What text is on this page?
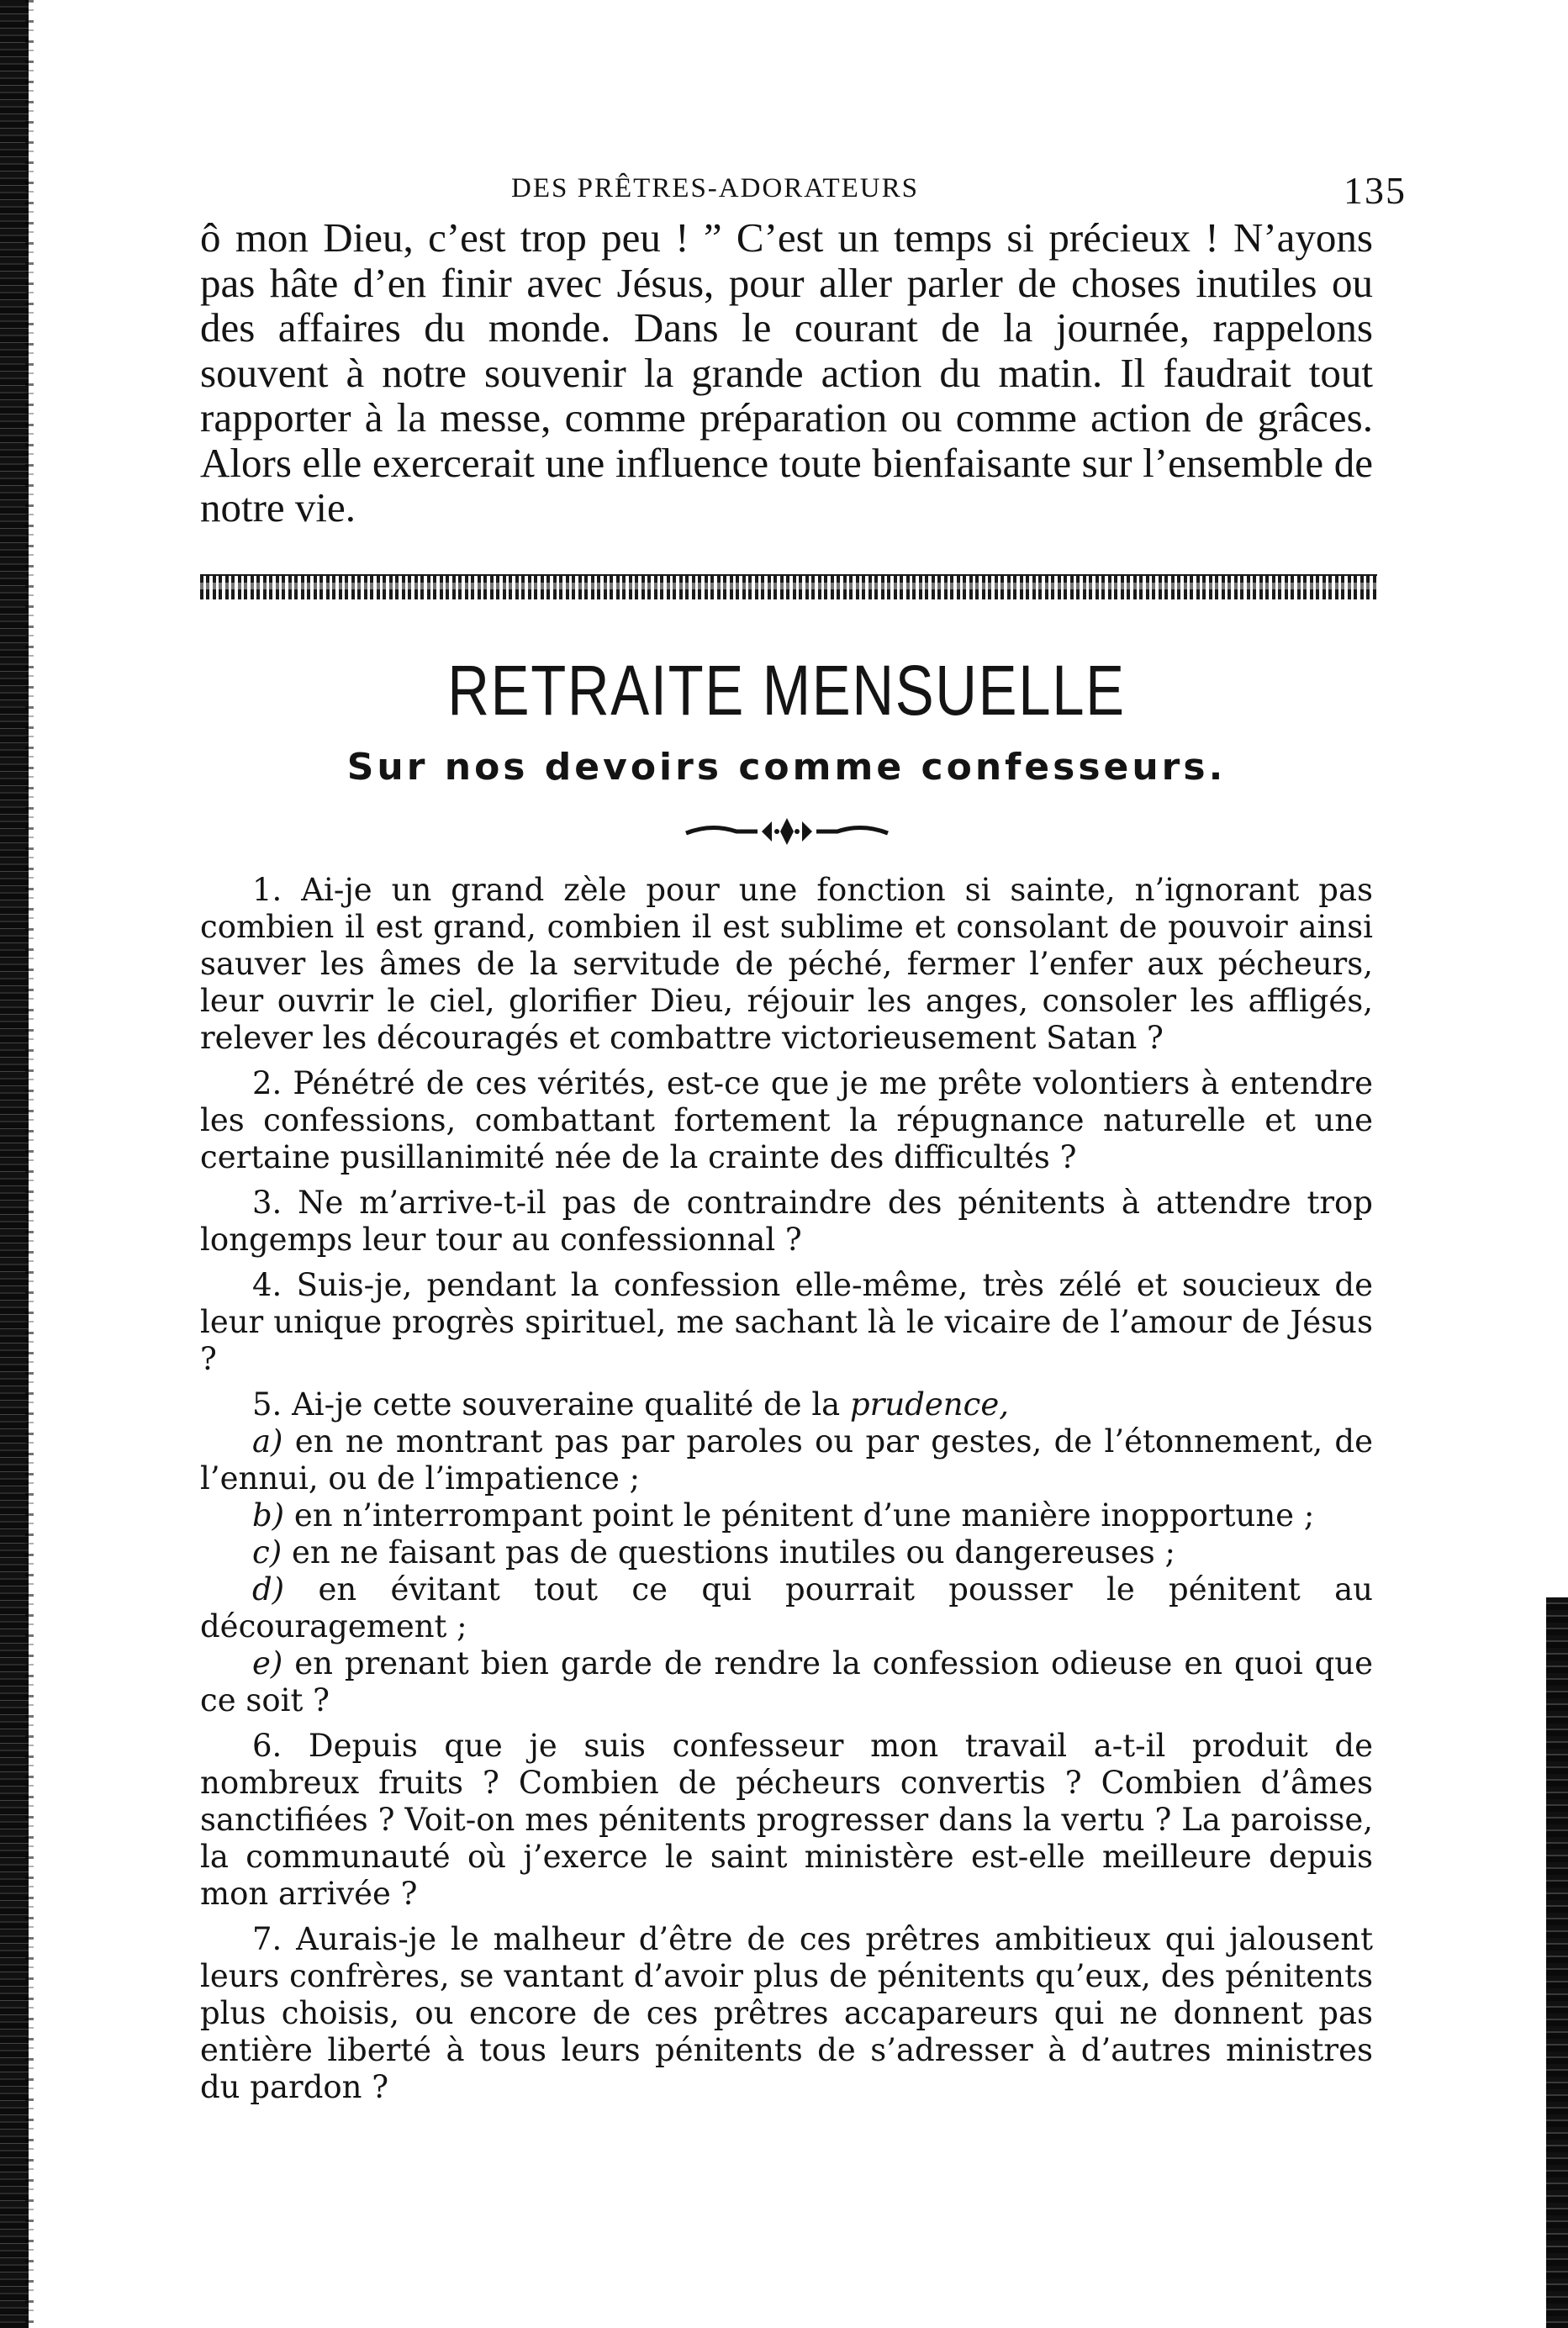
DES PRÊTRES-ADORATEURS	135

ô mon Dieu, c’est trop peu ! ” C’est un temps si précieux ! N’ayons pas hâte d’en finir avec Jésus, pour aller parler de choses inutiles ou des affaires du monde. Dans le courant de la journée, rappelons souvent à notre souvenir la grande action du matin. Il faudrait tout rapporter à la messe, comme préparation ou comme action de grâces. Alors elle exercerait une influence toute bienfaisante sur l’ensemble de notre vie.

RETRAITE MENSUELLE
Sur nos devoirs comme confesseurs.

1. Ai-je un grand zèle pour une fonction si sainte, n’ignorant pas combien il est grand, combien il est sublime et consolant de pouvoir ainsi sauver les âmes de la servitude de péché, fermer l’enfer aux pécheurs, leur ouvrir le ciel, glorifier Dieu, réjouir les anges, consoler les affligés, relever les découragés et combattre victorieusement Satan ?

2. Pénétré de ces vérités, est-ce que je me prête volontiers à entendre les confessions, combattant fortement la répugnance naturelle et une certaine pusillanimité née de la crainte des difficultés ?

3. Ne m’arrive-t-il pas de contraindre des pénitents à attendre trop longemps leur tour au confessionnal ?

4. Suis-je, pendant la confession elle-même, très zélé et soucieux de leur unique progrès spirituel, me sachant là le vicaire de l’amour de Jésus ?

5. Ai-je cette souveraine qualité de la prudence,

a) en ne montrant pas par paroles ou par gestes, de l’étonnement, de l’ennui, ou de l’impatience ;

b) en n’interrompant point le pénitent d’une manière inopportune ;

c) en ne faisant pas de questions inutiles ou dangereuses ;

d) en évitant tout ce qui pourrait pousser le pénitent au découragement ;

e) en prenant bien garde de rendre la confession odieuse en quoi que ce soit ?

6. Depuis que je suis confesseur mon travail a-t-il produit de nombreux fruits ? Combien de pécheurs convertis ? Combien d’âmes sanctifiées ? Voit-on mes pénitents progresser dans la vertu ? La paroisse, la communauté où j’exerce le saint ministère est-elle meilleure depuis mon arrivée ?

7. Aurais-je le malheur d’être de ces prêtres ambitieux qui jalousent leurs confrères, se vantant d’avoir plus de pénitents qu’eux, des pénitents plus choisis, ou encore de ces prêtres accapareurs qui ne donnent pas entière liberté à tous leurs pénitents de s’adresser à d’autres ministres du pardon ?
